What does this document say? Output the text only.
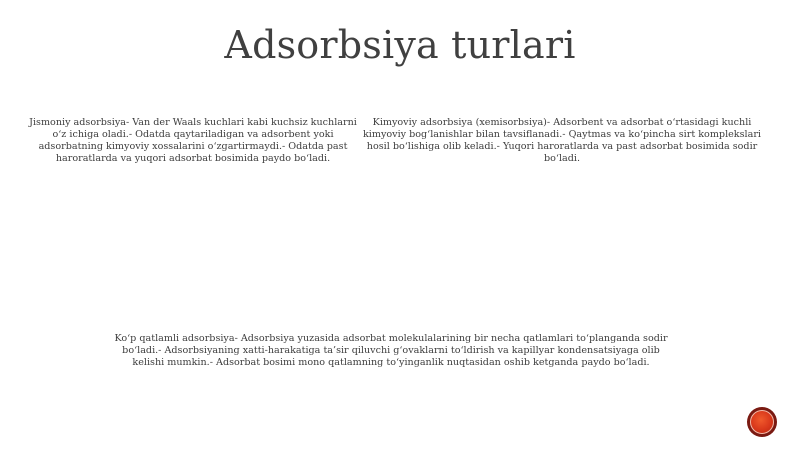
Adsorbsiya turlari

Jismoniy adsorbsiya- Van der Waals kuchlari kabi kuchsiz kuchlarni o‘z ichiga oladi.- Odatda qaytariladigan va adsorbent yoki adsorbatning kimyoviy xossalarini o‘zgartirmaydi.- Odatda past haroratlarda va yuqori adsorbat bosimida paydo bo‘ladi.

Kimyoviy adsorbsiya (xemisorbsiya)- Adsorbent va adsorbat o‘rtasidagi kuchli kimyoviy bog‘lanishlar bilan tavsiflanadi.- Qaytmas va ko‘pincha sirt komplekslari hosil bo‘lishiga olib keladi.- Yuqori haroratlarda va past adsorbat bosimida sodir bo‘ladi.

Ko‘p qatlamli adsorbsiya- Adsorbsiya yuzasida adsorbat molekulalarining bir necha qatlamlari to‘planganda sodir bo‘ladi.- Adsorbsiyaning xatti-harakatiga ta’sir qiluvchi g‘ovaklarni to‘ldirish va kapillyar kondensatsiyaga olib kelishi mumkin.- Adsorbat bosimi mono qatlamning to‘yinganlik nuqtasidan oshib ketganda paydo bo‘ladi.
